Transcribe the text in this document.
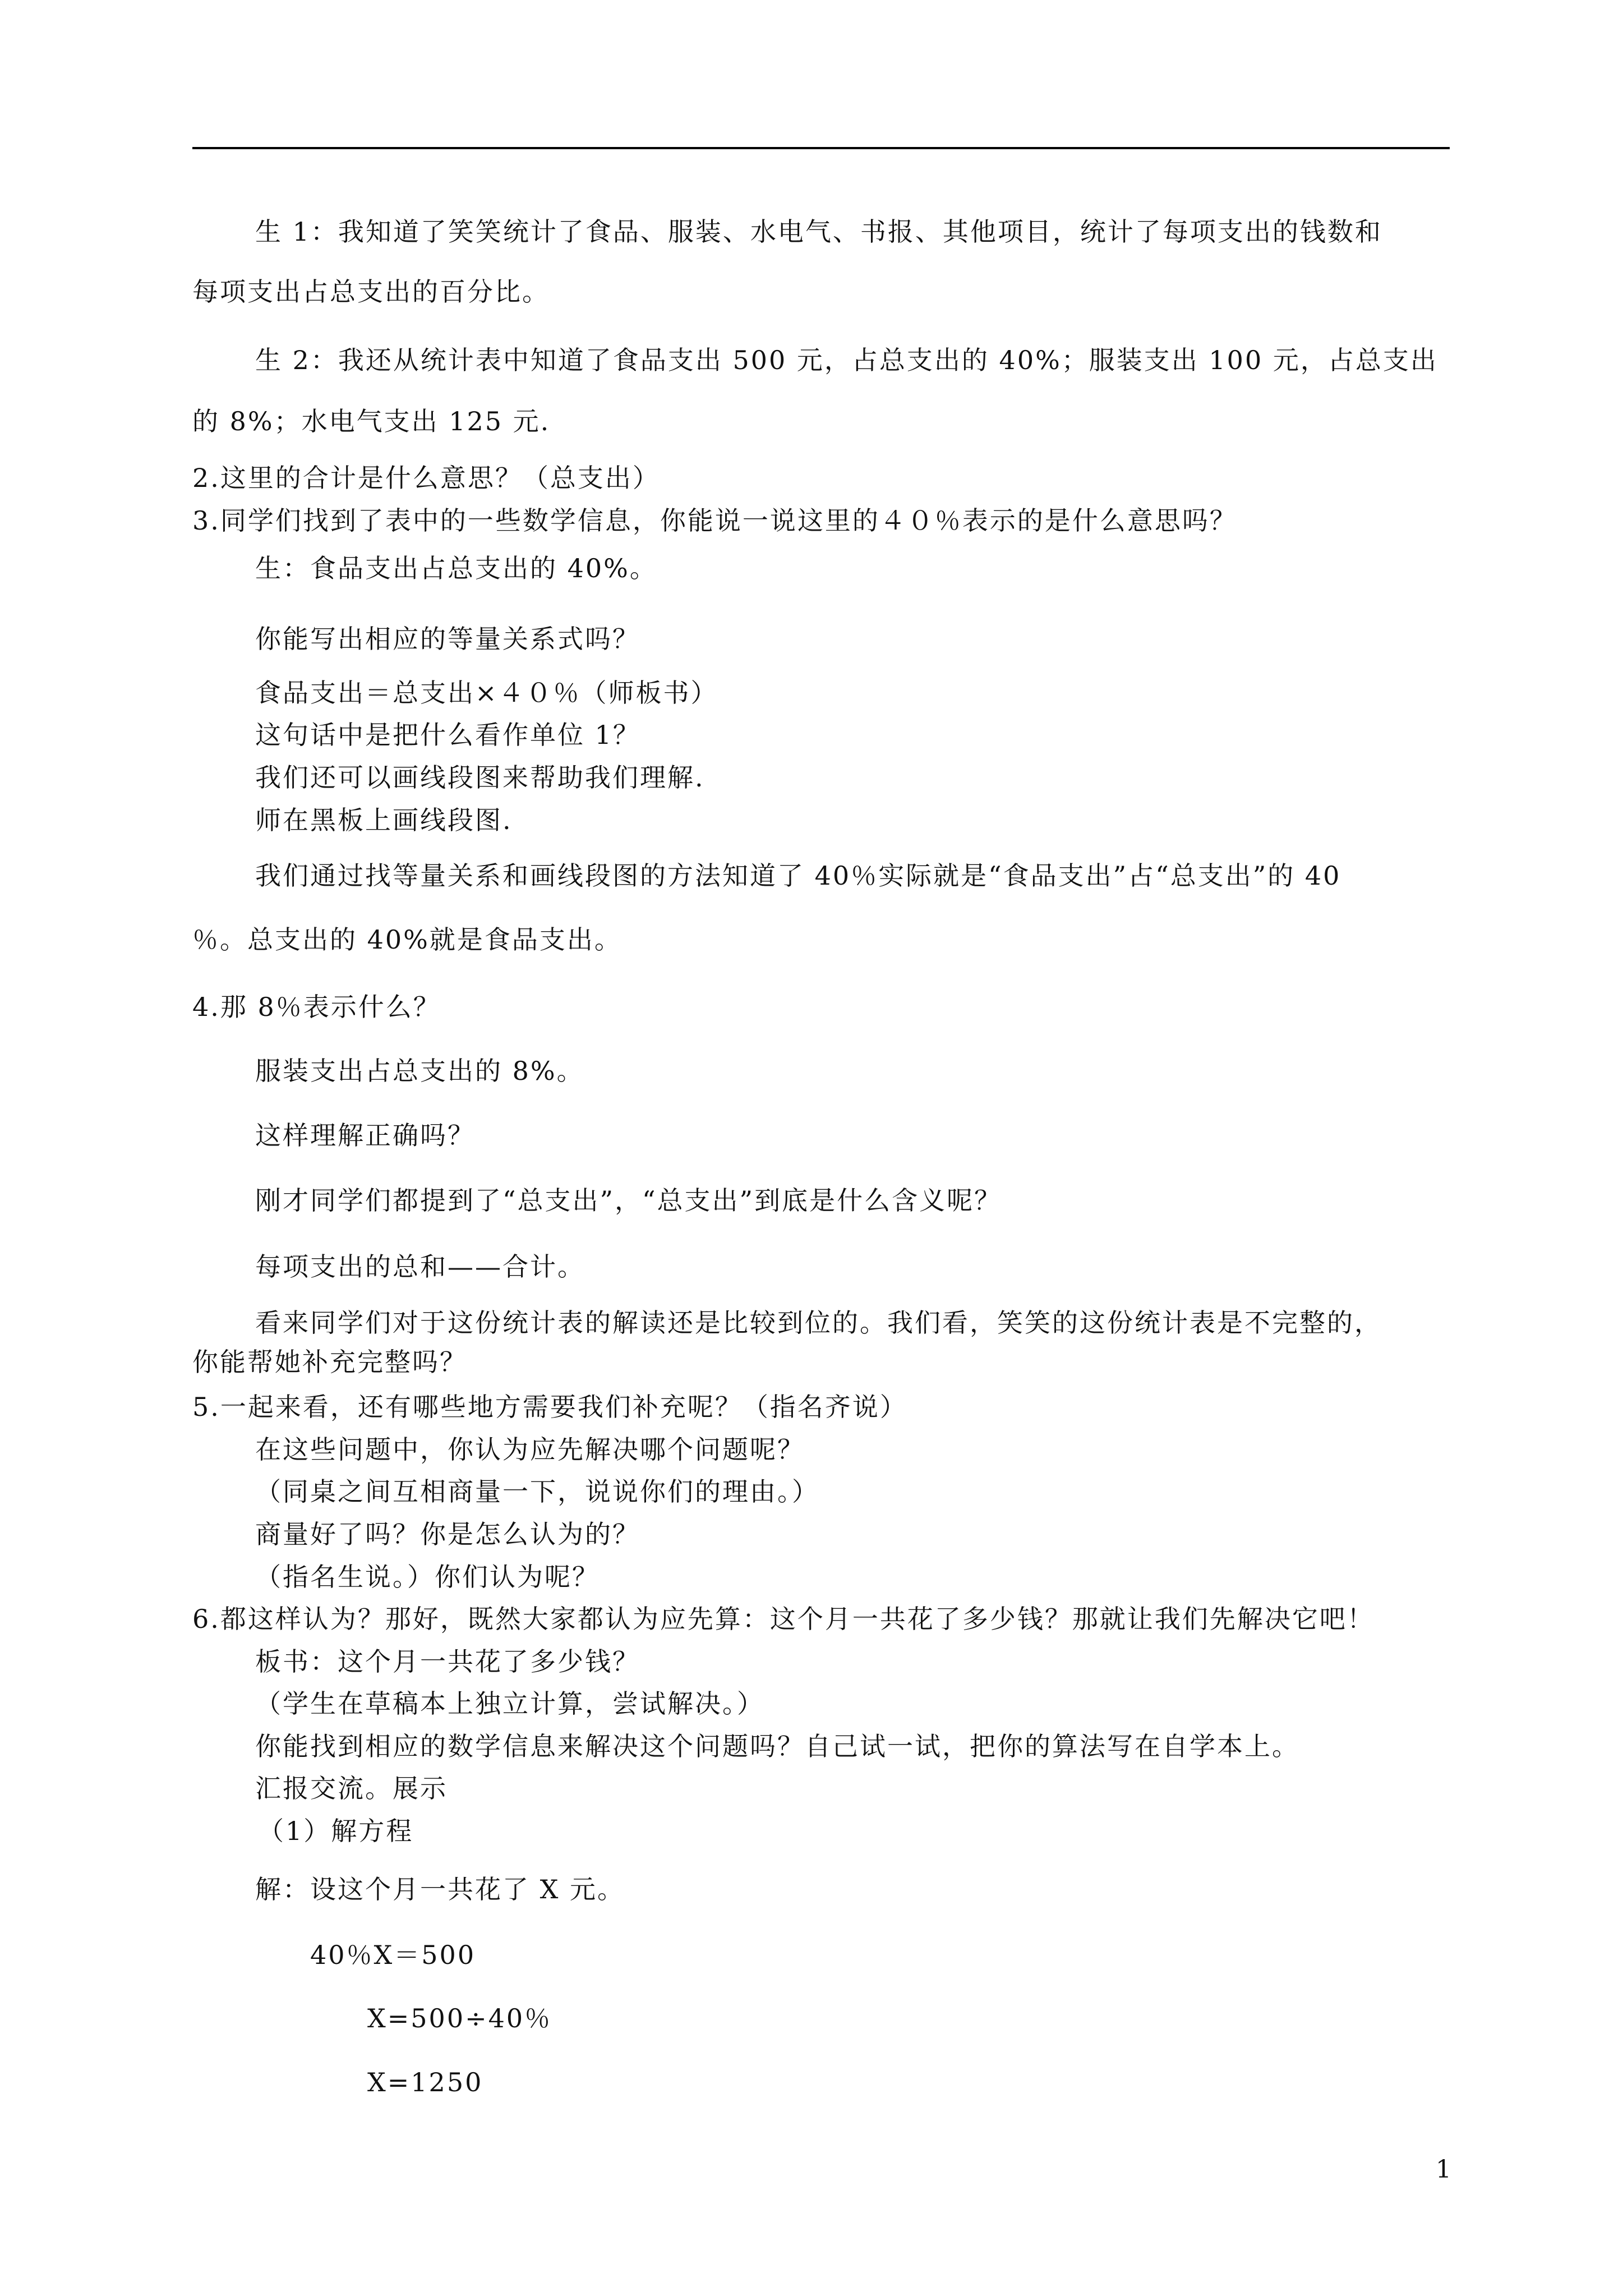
生 1：我知道了笑笑统计了食品、服装、水电气、书报、其他项目，统计了每项支出的钱数和
每项支出占总支出的百分比。
生 2：我还从统计表中知道了食品支出 500 元，占总支出的 40%；服装支出 100 元，占总支出
的 8%；水电气支出 125 元.
2.这里的合计是什么意思？（总支出）
3.同学们找到了表中的一些数学信息，你能说一说这里的４０％表示的是什么意思吗？
生：食品支出占总支出的 40%。
你能写出相应的等量关系式吗？
食品支出＝总支出×４０％（师板书）
这句话中是把什么看作单位 1？
我们还可以画线段图来帮助我们理解.
师在黑板上画线段图.
我们通过找等量关系和画线段图的方法知道了 40％实际就是“食品支出”占“总支出”的 40
％。总支出的 40%就是食品支出。
4.那 8％表示什么？
服装支出占总支出的 8%。
这样理解正确吗？
刚才同学们都提到了“总支出”，“总支出”到底是什么含义呢？
每项支出的总和——合计。
看来同学们对于这份统计表的解读还是比较到位的。我们看，笑笑的这份统计表是不完整的，
你能帮她补充完整吗？
5.一起来看，还有哪些地方需要我们补充呢？（指名齐说）
在这些问题中，你认为应先解决哪个问题呢？
（同桌之间互相商量一下，说说你们的理由。）
商量好了吗？你是怎么认为的？
（指名生说。）你们认为呢？
6.都这样认为？那好，既然大家都认为应先算：这个月一共花了多少钱？那就让我们先解决它吧！
板书：这个月一共花了多少钱？
（学生在草稿本上独立计算，尝试解决。）
你能找到相应的数学信息来解决这个问题吗？自己试一试，把你的算法写在自学本上。
汇报交流。展示
（1）解方程
解：设这个月一共花了 X 元。
40％X＝500
X=500÷40％
X=1250
1
